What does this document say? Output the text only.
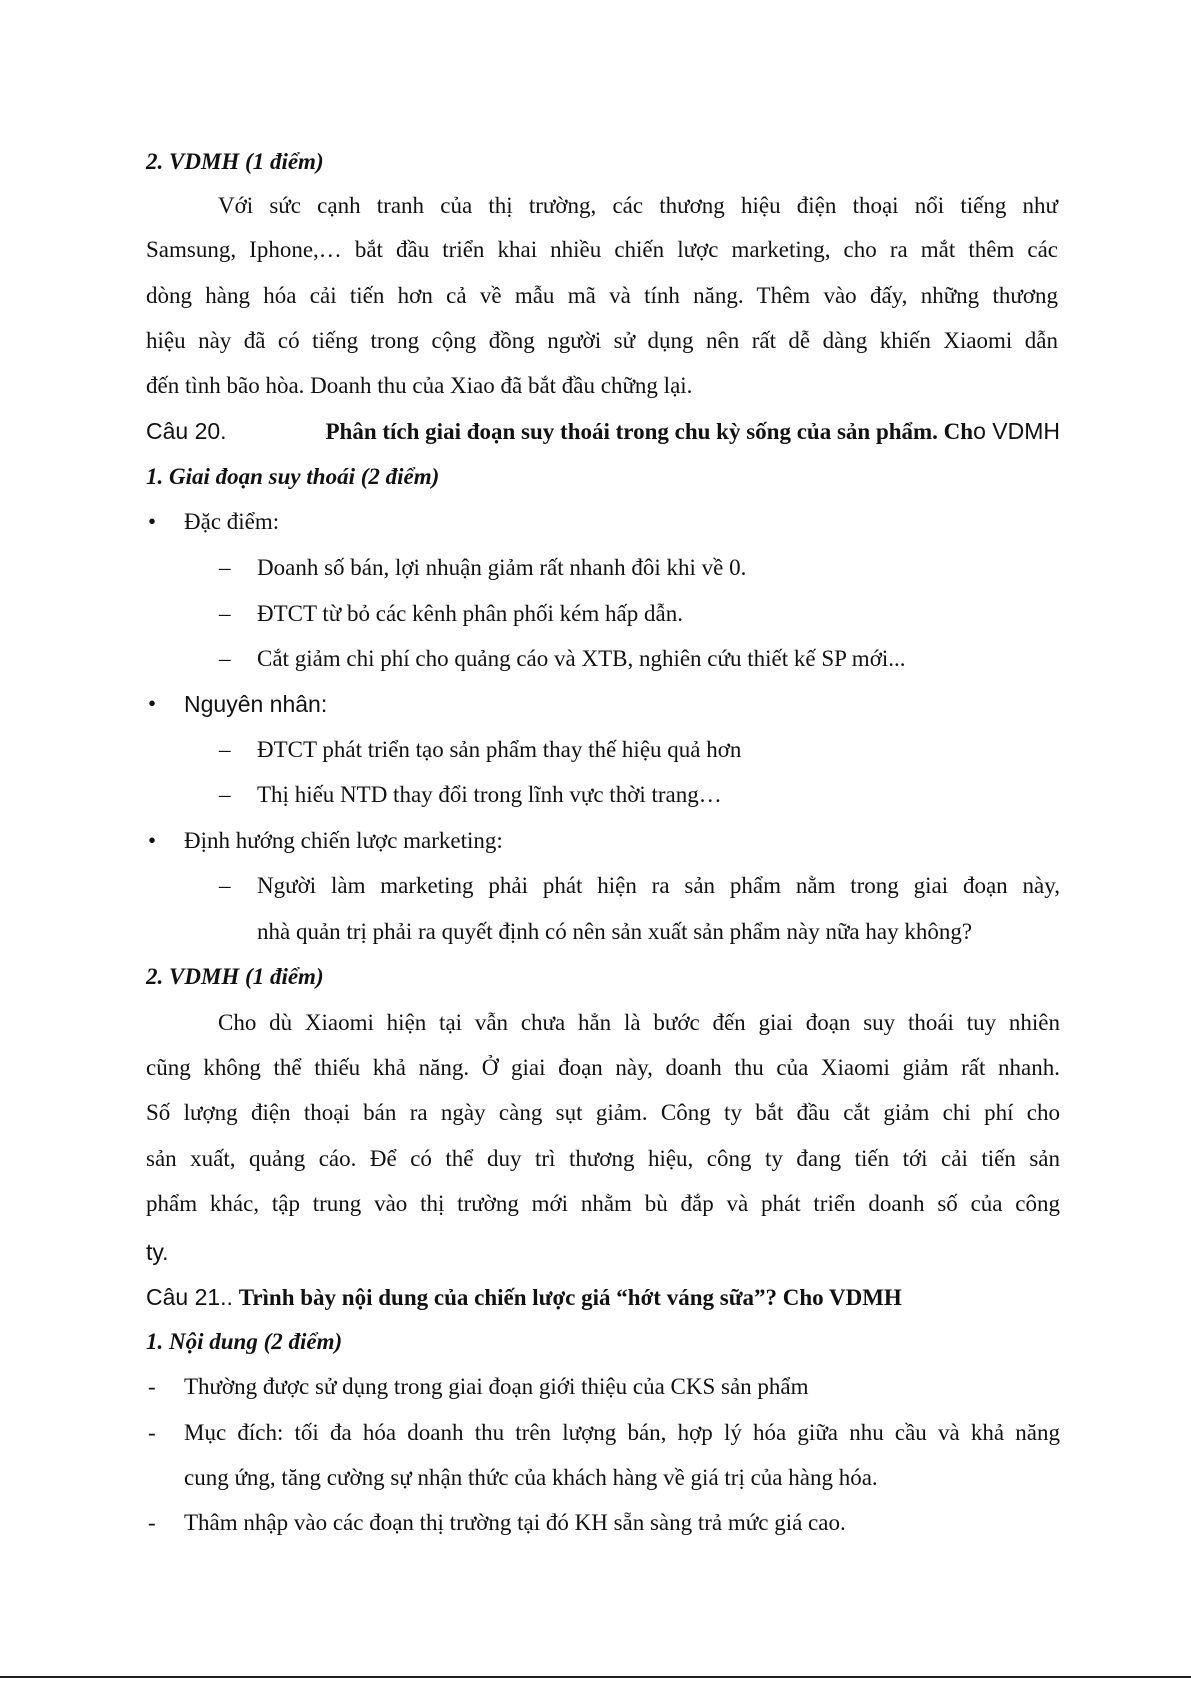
2. VDMH (1 điểm)
Với sức cạnh tranh của thị trường, các thương hiệu điện thoại nổi tiếng như
Samsung, Iphone,… bắt đầu triển khai nhiều chiến lược marketing, cho ra mắt thêm các
dòng hàng hóa cải tiến hơn cả về mẫu mã và tính năng. Thêm vào đấy, những thương
hiệu này đã có tiếng trong cộng đồng người sử dụng nên rất dễ dàng khiến Xiaomi dẫn
đến tình bão hòa. Doanh thu của Xiao đã bắt đầu chững lại.
Câu 20.	Phân tích giai đoạn suy thoái trong chu kỳ sống của sản phẩm. Cho VDMH
1. Giai đoạn suy thoái (2 điểm)
• Đặc điểm:
– Doanh số bán, lợi nhuận giảm rất nhanh đôi khi về 0.
– ĐTCT từ bỏ các kênh phân phối kém hấp dẫn.
– Cắt giảm chi phí cho quảng cáo và XTB, nghiên cứu thiết kế SP mới...
• Nguyên nhân:
– ĐTCT phát triển tạo sản phẩm thay thế hiệu quả hơn
– Thị hiếu NTD thay đổi trong lĩnh vực thời trang…
• Định hướng chiến lược marketing:
– Người làm marketing phải phát hiện ra sản phẩm nằm trong giai đoạn này,
nhà quản trị phải ra quyết định có nên sản xuất sản phẩm này nữa hay không?
2. VDMH (1 điểm)
Cho dù Xiaomi hiện tại vẫn chưa hẳn là bước đến giai đoạn suy thoái tuy nhiên
cũng không thể thiếu khả năng. Ở giai đoạn này, doanh thu của Xiaomi giảm rất nhanh.
Số lượng điện thoại bán ra ngày càng sụt giảm. Công ty bắt đầu cắt giảm chi phí cho
sản xuất, quảng cáo. Để có thể duy trì thương hiệu, công ty đang tiến tới cải tiến sản
phẩm khác, tập trung vào thị trường mới nhằm bù đắp và phát triển doanh số của công
ty.
Câu 21.. Trình bày nội dung của chiến lược giá “hớt váng sữa”? Cho VDMH
1. Nội dung (2 điểm)
- Thường được sử dụng trong giai đoạn giới thiệu của CKS sản phẩm
- Mục đích: tối đa hóa doanh thu trên lượng bán, hợp lý hóa giữa nhu cầu và khả năng
cung ứng, tăng cường sự nhận thức của khách hàng về giá trị của hàng hóa.
- Thâm nhập vào các đoạn thị trường tại đó KH sẵn sàng trả mức giá cao.
